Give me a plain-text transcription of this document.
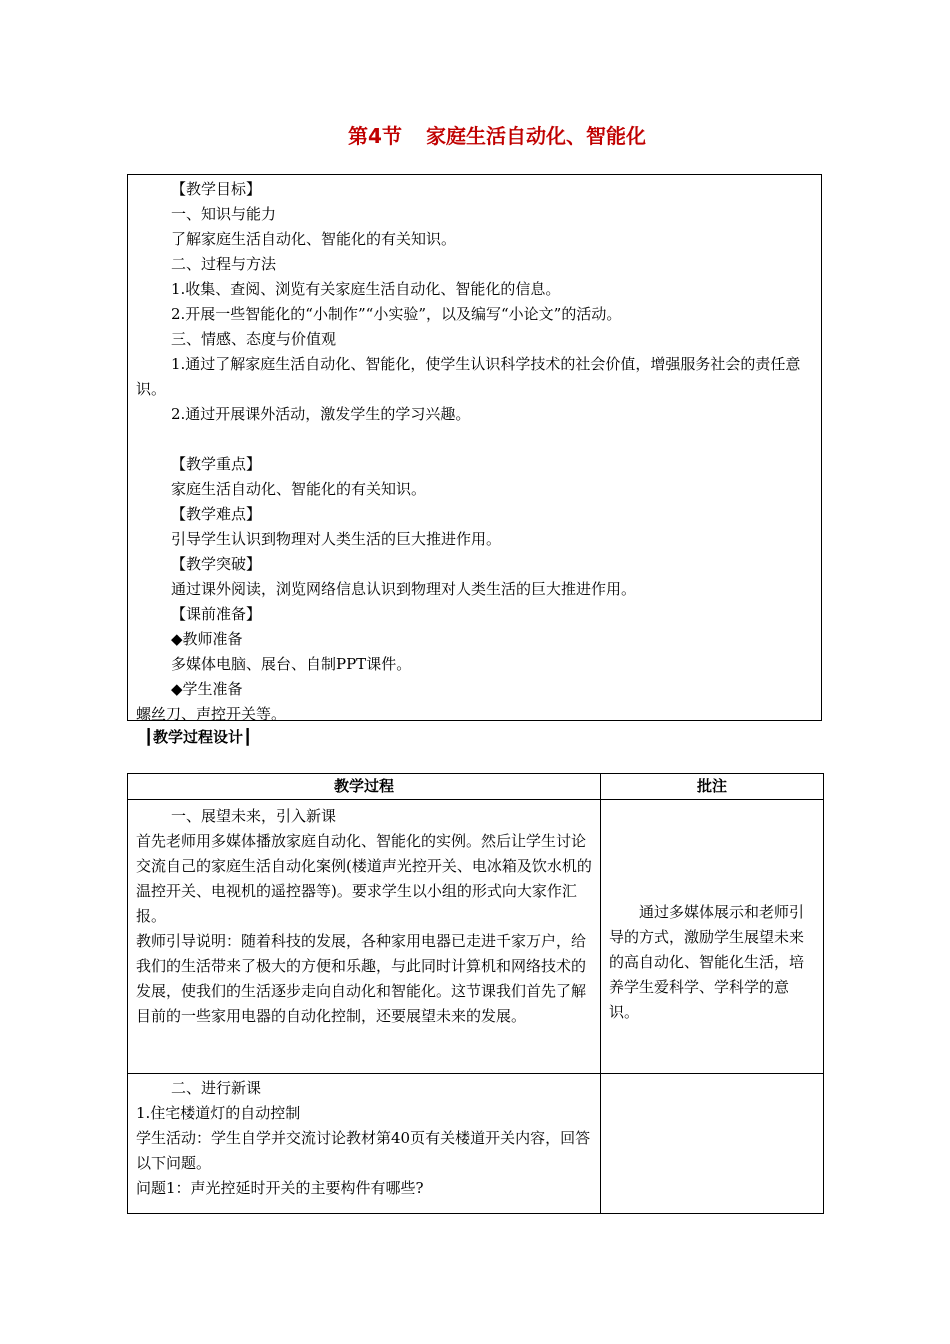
第4节 家庭生活自动化、智能化

【教学目标】

一、知识与能力

了解家庭生活自动化、智能化的有关知识。

二、过程与方法

1.收集、查阅、浏览有关家庭生活自动化、智能化的信息。

2.开展一些智能化的“小制作”“小实验”，以及编写“小论文”的活动。

三、情感、态度与价值观

1.通过了解家庭生活自动化、智能化，使学生认识科学技术的社会价值，增强服务社会的责任意识。

2.通过开展课外活动，激发学生的学习兴趣。

【教学重点】

家庭生活自动化、智能化的有关知识。

【教学难点】

引导学生认识到物理对人类生活的巨大推进作用。

【教学突破】

通过课外阅读，浏览网络信息认识到物理对人类生活的巨大推进作用。

【课前准备】

◆教师准备

多媒体电脑、展台、自制PPT课件。

◆学生准备

螺丝刀、声控开关等。

┃教学过程设计┃
教学过程	批注

一、展望未来，引入新课

首先老师用多媒体播放家庭自动化、智能化的实例。然后让学生讨论交流自己的家庭生活自动化案例(楼道声光控开关、电冰箱及饮水机的温控开关、电视机的遥控器等)。要求学生以小组的形式向大家作汇报。

教师引导说明：随着科技的发展，各种家用电器已走进千家万户，给我们的生活带来了极大的方便和乐趣，与此同时计算机和网络技术的发展，使我们的生活逐步走向自动化和智能化。这节课我们首先了解目前的一些家用电器的自动化控制，还要展望未来的发展。	通过多媒体展示和老师引导的方式，激励学生展望未来的高自动化、智能化生活，培养学生爱科学、学科学的意识。

二、进行新课

1.住宅楼道灯的自动控制

学生活动：学生自学并交流讨论教材第40页有关楼道开关内容，回答以下问题。

问题1：声光控延时开关的主要构件有哪些?	
